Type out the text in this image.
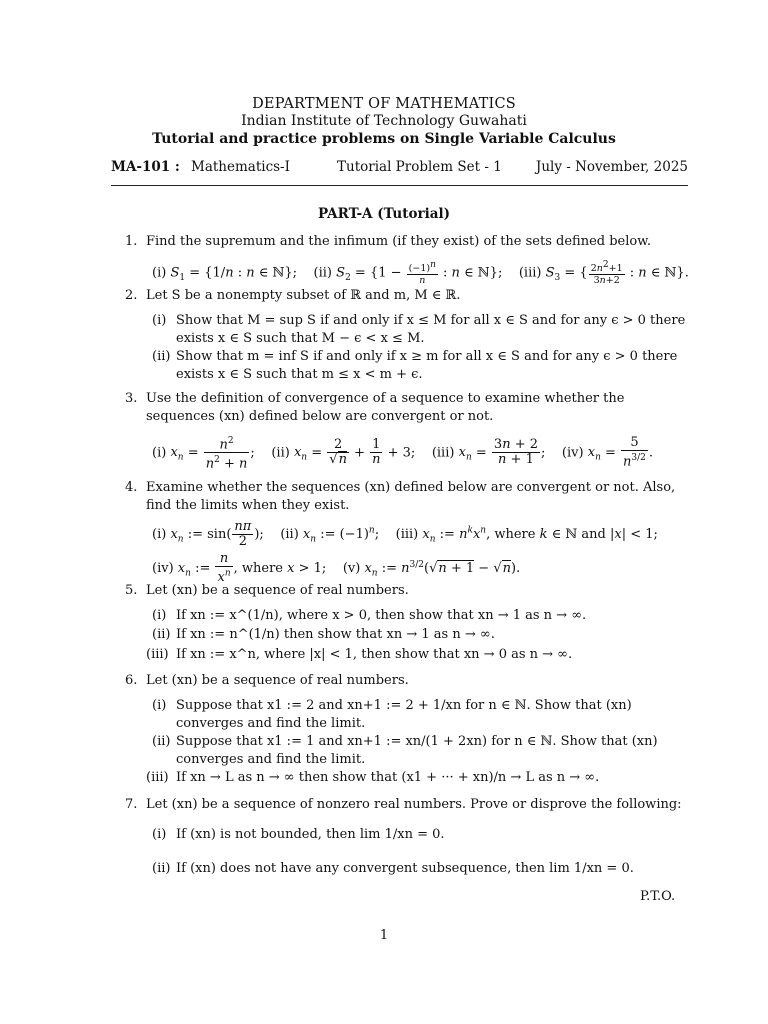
DEPARTMENT OF MATHEMATICS
Indian Institute of Technology Guwahati
Tutorial and practice problems on Single Variable Calculus
MA-101 : Mathematics-I	Tutorial Problem Set - 1	July - November, 2025
PART-A (Tutorial)
1. Find the supremum and the infimum (if they exist) of the sets defined below.
(i) $S_1 = \{1/n$ : n ∈ ℕ};    (ii) $S_2 = \{1 - \frac{(-1)^n}{n}$ : n ∈ ℕ};    (iii) $S_3$ = { $\frac{2n^2+1}{3n+2}$ : n ∈ ℕ}.
2. Let S be a nonempty subset of ℝ and m, M ∈ ℝ.
(i) Show that M = sup S if and only if x ≤ M for all x ∈ S and for any ϵ > 0 there exists x ∈ S such that M − ϵ < x ≤ M.
(ii) Show that m = inf S if and only if x ≥ m for all x ∈ S and for any ϵ > 0 there exists x ∈ S such that m ≤ x < m + ϵ.
3. Use the definition of convergence of a sequence to examine whether the sequences (xn) defined below are convergent or not.
(i) $x_n = \frac{n^2}{n^2 + n}$ ;    (ii) $x_n = \frac{2}{√n} + \frac{1}{n} + 3$;    (iii) $x_n = \frac{3n + 2}{n + 1}$ ;    (iv) $x_n = \frac{5}{n^{3/2}}$ .
4. Examine whether the sequences (xn) defined below are convergent or not. Also, find the limits when they exist.
(i) $x_n$ := $\sin( \frac{n\pi}{2}$ );    (ii) $x_n$ := $(-1)^n$;    (iii) $x_n$ := $n^kx^n$, where k ∈ ℕ and |x| < 1;
(iv) $x_n$ := $\frac{n}{x^n}$ , where x > 1;    (v) $x_n$ := $n^{3/2}(√n + 1 - √n)$.
5. Let (xn) be a sequence of real numbers.
(i) If xn := x^(1/n), where x > 0, then show that xn → 1 as n → ∞.
(ii) If xn := n^(1/n) then show that xn → 1 as n → ∞.
(iii) If xn := x^n, where |x| < 1, then show that xn → 0 as n → ∞.
6. Let (xn) be a sequence of real numbers.
(i) Suppose that x1 := 2 and xn+1 := 2 + 1/xn for n ∈ ℕ. Show that (xn) converges and find the limit.
(ii) Suppose that x1 := 1 and xn+1 := xn/(1 + 2xn) for n ∈ ℕ. Show that (xn) converges and find the limit.
(iii) If xn → L as n → ∞ then show that (x1 + ··· + xn)/n → L as n → ∞.
7. Let (xn) be a sequence of nonzero real numbers. Prove or disprove the following:
(i) If (xn) is not bounded, then lim 1/xn = 0.
(ii) If (xn) does not have any convergent subsequence, then lim 1/xn = 0.
P.T.O.
1
